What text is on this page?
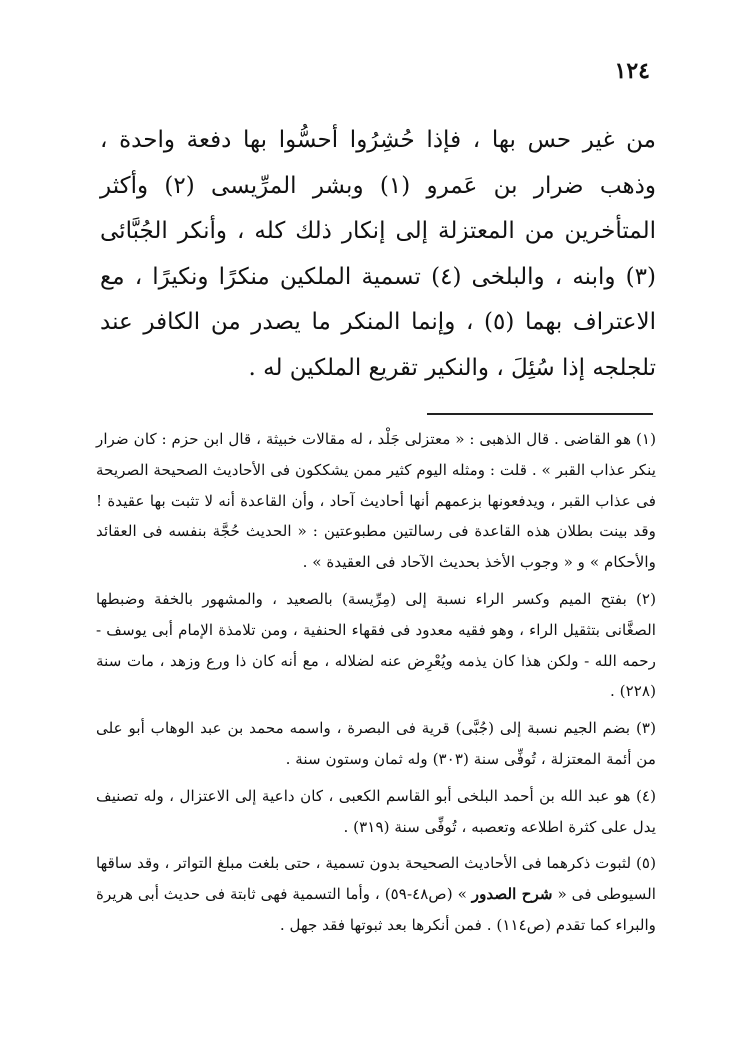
١٢٤

من غير حس بها ، فإذا حُشِرُوا أحسُّوا بها دفعة واحدة ، وذهب ضرار بن عَمرو (١) وبشر المرِّيسى (٢) وأكثر المتأخرين من المعتزلة إلى إنكار ذلك كله ، وأنكر الجُبَّائى (٣) وابنه ، والبلخى (٤) تسمية الملكين منكرًا ونكيرًا ، مع الاعتراف بهما (٥) ، وإنما المنكر ما يصدر من الكافر عند تلجلجه إذا سُئِلَ ، والنكير تقريع الملكين له .

(١) هو القاضى . قال الذهبى : « معتزلى جَلْد ، له مقالات خبيثة ، قال ابن حزم : كان ضرار ينكر عذاب القبر » . قلت : ومثله اليوم كثير ممن يشككون فى الأحاديث الصحيحة الصريحة فى عذاب القبر ، ويدفعونها بزعمهم أنها أحاديث آحاد ، وأن القاعدة أنه لا تثبت بها عقيدة ! وقد بينت بطلان هذه القاعدة فى رسالتين مطبوعتين : « الحديث حُجَّة بنفسه فى العقائد والأحكام » و « وجوب الأخذ بحديث الآحاد فى العقيدة » .

(٢) بفتح الميم وكسر الراء نسبة إلى (مِرِّيسة) بالصعيد ، والمشهور بالخفة وضبطها الصغَّانى بتثقيل الراء ، وهو فقيه معدود فى فقهاء الحنفية ، ومن تلامذة الإمام أبى يوسف - رحمه الله - ولكن هذا كان يذمه ويُعْرِض عنه لضلاله ، مع أنه كان ذا ورع وزهد ، مات سنة (٢٢٨) .

(٣) بضم الجيم نسبة إلى (جُبَّى) قرية فى البصرة ، واسمه محمد بن عبد الوهاب أبو على من أئمة المعتزلة ، تُوفِّى سنة (٣٠٣) وله ثمان وستون سنة .

(٤) هو عبد الله بن أحمد البلخى أبو القاسم الكعبى ، كان داعية إلى الاعتزال ، وله تصنيف يدل على كثرة اطلاعه وتعصبه ، تُوفِّى سنة (٣١٩) .

(٥) لثبوت ذكرهما فى الأحاديث الصحيحة بدون تسمية ، حتى بلغت مبلغ التواتر ، وقد ساقها السيوطى فى « شرح الصدور » (ص٤٨-٥٩) ، وأما التسمية فهى ثابتة فى حديث أبى هريرة والبراء كما تقدم (ص١١٤) . فمن أنكرها بعد ثبوتها فقد جهل .
